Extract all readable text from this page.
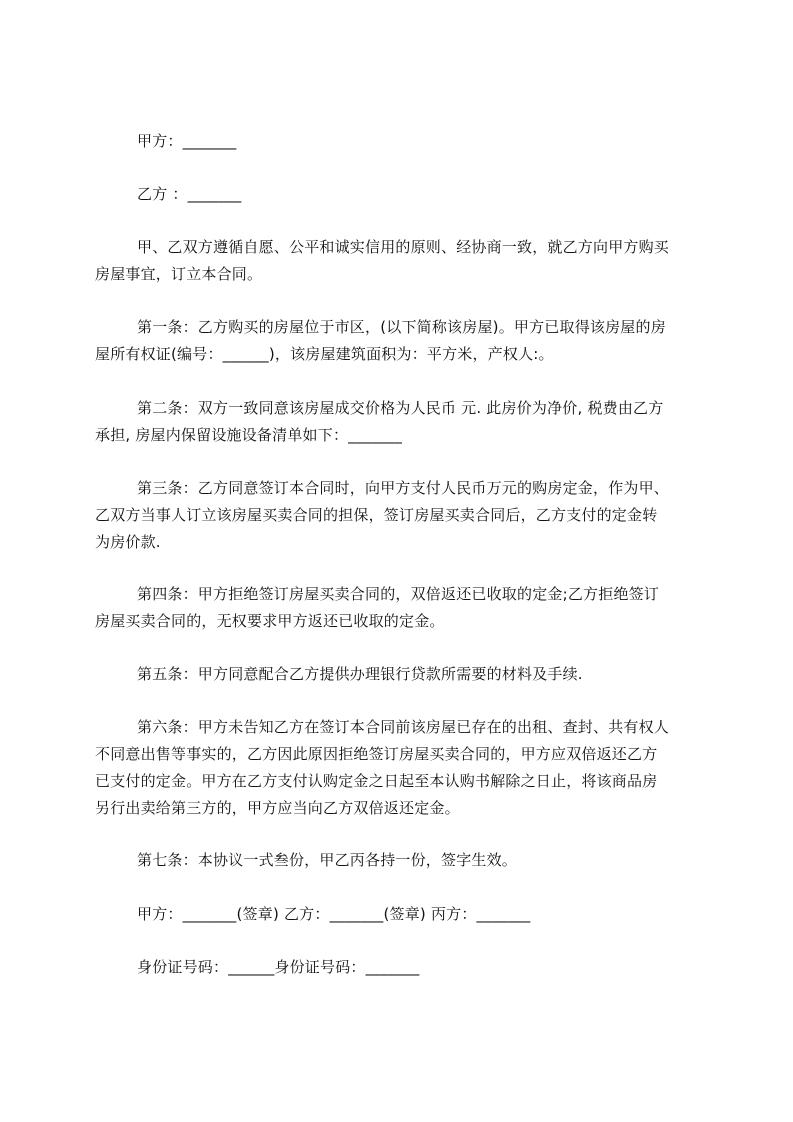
甲方：_______

乙方 ：_______

甲、乙双方遵循自愿、公平和诚实信用的原则、经协商一致，就乙方向甲方购买
房屋事宜，订立本合同。

第一条：乙方购买的房屋位于市区，(以下简称该房屋)。甲方已取得该房屋的房
屋所有权证(编号：______)，该房屋建筑面积为：平方米，产权人:。

第二条：双方一致同意该房屋成交价格为人民币 元. 此房价为净价, 税费由乙方
承担, 房屋内保留设施设备清单如下：_______

第三条：乙方同意签订本合同时，向甲方支付人民币万元的购房定金，作为甲、
乙双方当事人订立该房屋买卖合同的担保，签订房屋买卖合同后，乙方支付的定金转
为房价款.

第四条：甲方拒绝签订房屋买卖合同的，双倍返还已收取的定金;乙方拒绝签订
房屋买卖合同的，无权要求甲方返还已收取的定金。

第五条：甲方同意配合乙方提供办理银行贷款所需要的材料及手续.

第六条：甲方未告知乙方在签订本合同前该房屋已存在的出租、查封、共有权人
不同意出售等事实的，乙方因此原因拒绝签订房屋买卖合同的，甲方应双倍返还乙方
已支付的定金。甲方在乙方支付认购定金之日起至本认购书解除之日止，将该商品房
另行出卖给第三方的，甲方应当向乙方双倍返还定金。

第七条：本协议一式叁份，甲乙丙各持一份，签字生效。

甲方：_______(签章) 乙方：_______(签章) 丙方：_______

身份证号码：______身份证号码：_______
